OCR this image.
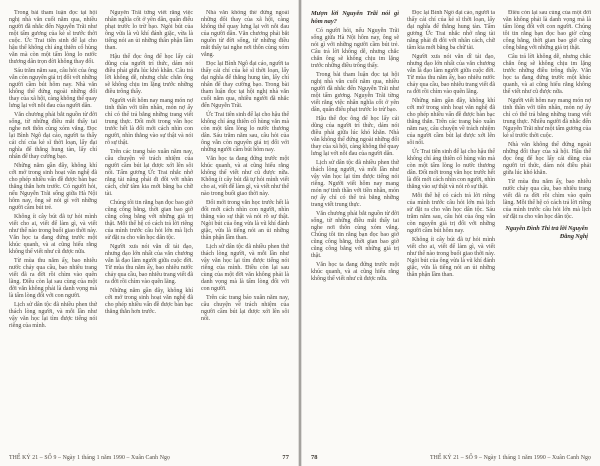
Trong bài tham luận đọc tại hội nghị nhà văn cuối năm qua, nhiều người đã nhắc đến Nguyễn Trãi như một tấm gương của kẻ sĩ trước thời cuộc. Ức Trai tiên sinh để lại cho hậu thế không chỉ áng thiên cổ hùng văn mà còn một tấm lòng lo nước thương dân trọn đời không thay đổi.

Sáu trăm năm sau, câu hỏi của ông vẫn còn nguyên giá trị đối với những người cầm bút hôm nay. Nhà văn không thể đứng ngoài những đổi thay của xã hội, càng không thể quay lưng lại với nỗi đau của người dân.

Văn chương phải bắt nguồn từ đời sống, từ những điều mắt thấy tai nghe nơi thôn cùng xóm vắng. Đọc lại Bình Ngô đại cáo, người ta thấy cái chí của kẻ sĩ thời loạn, lấy đại nghĩa để thắng hung tàn, lấy chí nhân để thay cường bạo.

Những năm gần đây, không khí cởi mở trong sinh hoạt văn nghệ đã cho phép nhiều vấn đề được bàn bạc thẳng thắn hơn trước. Có người hỏi, nếu Nguyễn Trãi sống giữa Hà Nội hôm nay, ông sẽ nói gì với những người cầm bút trẻ.

Không ít cây bút đã tự hỏi mình viết cho ai, viết để làm gì, và viết như thế nào trong buổi giao thời này. Văn học ta đang đứng trước một khúc quanh, và ai cũng hiểu rằng không thể viết như cũ được nữa.

Từ mùa thu năm ấy, bao nhiêu nước chảy qua cầu, bao nhiêu trang viết đã ra đời rồi chìm vào quên lãng. Điều còn lại sau cùng của một đời văn không phải là danh vọng mà là tấm lòng đối với con người.

Lịch sử dân tộc đã nhiều phen thử thách lòng người, và mỗi lần như vậy văn học lại tìm được tiếng nói riêng của mình.

Nguyễn Trãi từng viết rằng việc nhân nghĩa cốt ở yên dân, quân điếu phạt trước lo trừ bạo. Ngòi bút của ông vừa là vũ khí đánh giặc, vừa là tiếng nói an ủi những thân phận lầm than.

Hậu thế đọc ông để học lấy cái dũng của người trí thức, dám nói điều phải giữa lúc khó khăn. Câu trả lời không dễ, nhưng chắc chắn ông sẽ không chịu im lặng trước những điều trông thấy.

Người viết hôm nay mang món nợ tinh thần với tiền nhân, món nợ ấy chỉ có thể trả bằng những trang viết trung thực. Đổi mới trong văn học trước hết là đổi mới cách nhìn con người, nhìn thẳng vào sự thật và nói rõ sự thật.

Trên các trang báo xuân năm nay, câu chuyện về trách nhiệm của người cầm bút lại được xới lên sôi nổi. Tấm gương Ức Trai nhắc nhở rằng tài năng phải đi đôi với nhân cách, chữ tâm kia mới bằng ba chữ tài.

Chúng tôi tin rằng bạn đọc bao giờ cũng công bằng, thời gian bao giờ cũng công bằng với những giá trị thật. Mỗi thế hệ có cách trả lời riêng của mình trước câu hỏi lớn mà lịch sử đặt ra cho văn học dân tộc.

Người xưa nói văn dĩ tải đạo, nhưng đạo lớn nhất của văn chương vẫn là đạo làm người giữa cuộc đời. Từ mùa thu năm ấy, bao nhiêu nước chảy qua cầu, bao nhiêu trang viết đã ra đời rồi chìm vào quên lãng.

Những năm gần đây, không khí cởi mở trong sinh hoạt văn nghệ đã cho phép nhiều vấn đề được bàn bạc thẳng thắn hơn trước.

Nhà văn không thể đứng ngoài những đổi thay của xã hội, càng không thể quay lưng lại với nỗi đau của người dân. Văn chương phải bắt nguồn từ đời sống, từ những điều mắt thấy tai nghe nơi thôn cùng xóm vắng.

Đọc lại Bình Ngô đại cáo, người ta thấy cái chí của kẻ sĩ thời loạn, lấy đại nghĩa để thắng hung tàn, lấy chí nhân để thay cường bạo. Trong bài tham luận đọc tại hội nghị nhà văn cuối năm qua, nhiều người đã nhắc đến Nguyễn Trãi.

Ức Trai tiên sinh để lại cho hậu thế không chỉ áng thiên cổ hùng văn mà còn một tấm lòng lo nước thương dân. Sáu trăm năm sau, câu hỏi của ông vẫn còn nguyên giá trị đối với những người cầm bút hôm nay.

Văn học ta đang đứng trước một khúc quanh, và ai cũng hiểu rằng không thể viết như cũ được nữa. Không ít cây bút đã tự hỏi mình viết cho ai, viết để làm gì, và viết như thế nào trong buổi giao thời này.

Đổi mới trong văn học trước hết là đổi mới cách nhìn con người, nhìn thẳng vào sự thật và nói rõ sự thật. Ngòi bút của ông vừa là vũ khí đánh giặc, vừa là tiếng nói an ủi những thân phận lầm than.

Lịch sử dân tộc đã nhiều phen thử thách lòng người, và mỗi lần như vậy văn học lại tìm được tiếng nói riêng của mình. Điều còn lại sau cùng của một đời văn không phải là danh vọng mà là tấm lòng đối với con người.

Trên các trang báo xuân năm nay, câu chuyện về trách nhiệm của người cầm bút lại được xới lên sôi nổi.

THẾ KỶ 21 – SỐ 9 – Ngày 1 tháng 1 năm 1990 – Xuân Canh Ngọ	77
Mượn lời Nguyễn Trãi nói gì hôm nay?

Có người hỏi, nếu Nguyễn Trãi sống giữa Hà Nội hôm nay, ông sẽ nói gì với những người cầm bút trẻ. Câu trả lời không dễ, nhưng chắc chắn ông sẽ không chịu im lặng trước những điều trông thấy.

Trong bài tham luận đọc tại hội nghị nhà văn cuối năm qua, nhiều người đã nhắc đến Nguyễn Trãi như một tấm gương. Nguyễn Trãi từng viết rằng việc nhân nghĩa cốt ở yên dân, quân điếu phạt trước lo trừ bạo.

Hậu thế đọc ông để học lấy cái dũng của người trí thức, dám nói điều phải giữa lúc khó khăn. Nhà văn không thể đứng ngoài những đổi thay của xã hội, càng không thể quay lưng lại với nỗi đau của người dân.

Lịch sử dân tộc đã nhiều phen thử thách lòng người, và mỗi lần như vậy văn học lại tìm được tiếng nói riêng. Người viết hôm nay mang món nợ tinh thần với tiền nhân, món nợ ấy chỉ có thể trả bằng những trang viết trung thực.

Văn chương phải bắt nguồn từ đời sống, từ những điều mắt thấy tai nghe nơi thôn cùng xóm vắng. Chúng tôi tin rằng bạn đọc bao giờ cũng công bằng, thời gian bao giờ cũng công bằng với những giá trị thật.

Văn học ta đang đứng trước một khúc quanh, và ai cũng hiểu rằng không thể viết như cũ được nữa.

Đọc lại Bình Ngô đại cáo, người ta thấy cái chí của kẻ sĩ thời loạn, lấy đại nghĩa để thắng hung tàn. Tấm gương Ức Trai nhắc nhở rằng tài năng phải đi đôi với nhân cách, chữ tâm kia mới bằng ba chữ tài.

Người xưa nói văn dĩ tải đạo, nhưng đạo lớn nhất của văn chương vẫn là đạo làm người giữa cuộc đời. Từ mùa thu năm ấy, bao nhiêu nước chảy qua cầu, bao nhiêu trang viết đã ra đời rồi chìm vào quên lãng.

Những năm gần đây, không khí cởi mở trong sinh hoạt văn nghệ đã cho phép nhiều vấn đề được bàn bạc thẳng thắn. Trên các trang báo xuân năm nay, câu chuyện về trách nhiệm của người cầm bút lại được xới lên sôi nổi.

Ức Trai tiên sinh để lại cho hậu thế không chỉ áng thiên cổ hùng văn mà còn một tấm lòng lo nước thương dân. Đổi mới trong văn học trước hết là đổi mới cách nhìn con người, nhìn thẳng vào sự thật và nói rõ sự thật.

Mỗi thế hệ có cách trả lời riêng của mình trước câu hỏi lớn mà lịch sử đặt ra cho văn học dân tộc. Sáu trăm năm sau, câu hỏi của ông vẫn còn nguyên giá trị đối với những người cầm bút hôm nay.

Không ít cây bút đã tự hỏi mình viết cho ai, viết để làm gì, và viết như thế nào trong buổi giao thời này. Ngòi bút của ông vừa là vũ khí đánh giặc, vừa là tiếng nói an ủi những thân phận lầm than.

Điều còn lại sau cùng của một đời văn không phải là danh vọng mà là tấm lòng đối với con người. Chúng tôi tin rằng bạn đọc bao giờ cũng công bằng, thời gian bao giờ cũng công bằng với những giá trị thật.

Câu trả lời không dễ, nhưng chắc chắn ông sẽ không chịu im lặng trước những điều trông thấy. Văn học ta đang đứng trước một khúc quanh, và ai cũng hiểu rằng không thể viết như cũ được nữa.

Người viết hôm nay mang món nợ tinh thần với tiền nhân, món nợ ấy chỉ có thể trả bằng những trang viết trung thực. Nhiều người đã nhắc đến Nguyễn Trãi như một tấm gương của kẻ sĩ trước thời cuộc.

Nhà văn không thể đứng ngoài những đổi thay của xã hội. Hậu thế đọc ông để học lấy cái dũng của người trí thức, dám nói điều phải giữa lúc khó khăn.

Từ mùa thu năm ấy, bao nhiêu nước chảy qua cầu, bao nhiêu trang viết đã ra đời rồi chìm vào quên lãng. Mỗi thế hệ có cách trả lời riêng của mình trước câu hỏi lớn mà lịch sử đặt ra cho văn học dân tộc.

Nguyễn Đình Thi trả lời Nguyễn Đăng Nghị
THẾ KỶ 21 – SỐ 9 – Ngày 1 tháng 1 năm 1990 – Xuân Canh Ngọ
78
